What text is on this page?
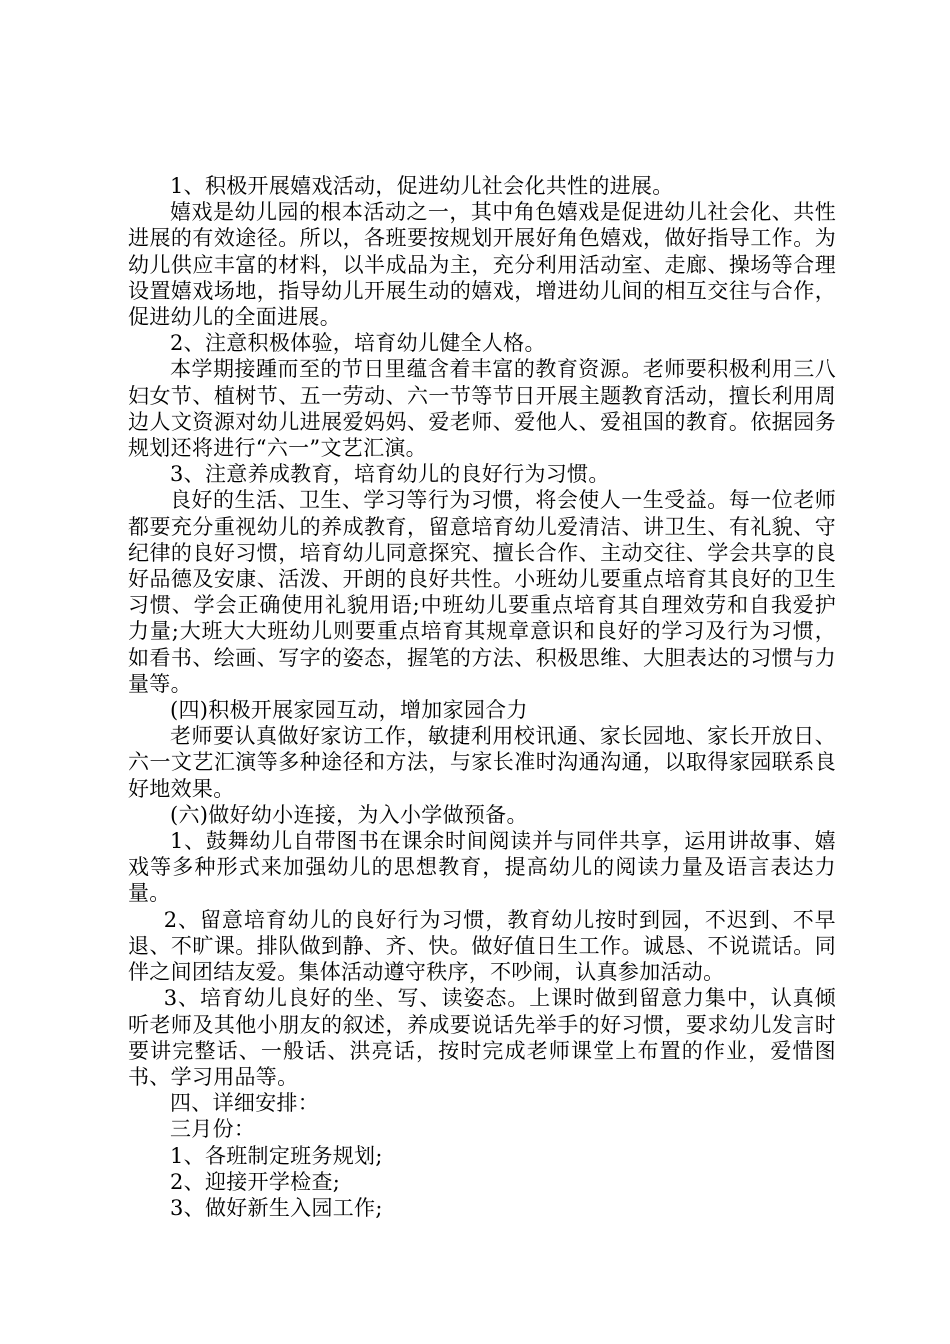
1、积极开展嬉戏活动，促进幼儿社会化共性的进展。

嬉戏是幼儿园的根本活动之一，其中角色嬉戏是促进幼儿社会化、共性进展的有效途径。所以，各班要按规划开展好角色嬉戏，做好指导工作。为幼儿供应丰富的材料，以半成品为主，充分利用活动室、走廊、操场等合理设置嬉戏场地，指导幼儿开展生动的嬉戏，增进幼儿间的相互交往与合作，促进幼儿的全面进展。

2、注意积极体验，培育幼儿健全人格。

本学期接踵而至的节日里蕴含着丰富的教育资源。老师要积极利用三八妇女节、植树节、五一劳动、六一节等节日开展主题教育活动，擅长利用周边人文资源对幼儿进展爱妈妈、爱老师、爱他人、爱祖国的教育。依据园务规划还将进行“六一”文艺汇演。

3、注意养成教育，培育幼儿的良好行为习惯。

良好的生活、卫生、学习等行为习惯，将会使人一生受益。每一位老师都要充分重视幼儿的养成教育，留意培育幼儿爱清洁、讲卫生、有礼貌、守纪律的良好习惯，培育幼儿同意探究、擅长合作、主动交往、学会共享的良好品德及安康、活泼、开朗的良好共性。小班幼儿要重点培育其良好的卫生习惯、学会正确使用礼貌用语;中班幼儿要重点培育其自理效劳和自我爱护力量;大班大大班幼儿则要重点培育其规章意识和良好的学习及行为习惯，如看书、绘画、写字的姿态，握笔的方法、积极思维、大胆表达的习惯与力量等。

(四)积极开展家园互动，增加家园合力

老师要认真做好家访工作，敏捷利用校讯通、家长园地、家长开放日、六一文艺汇演等多种途径和方法，与家长准时沟通沟通，以取得家园联系良好地效果。

(六)做好幼小连接，为入小学做预备。

1、鼓舞幼儿自带图书在课余时间阅读并与同伴共享，运用讲故事、嬉戏等多种形式来加强幼儿的思想教育，提高幼儿的阅读力量及语言表达力量。

2、留意培育幼儿的良好行为习惯，教育幼儿按时到园，不迟到、不早退、不旷课。排队做到静、齐、快。做好值日生工作。诚恳、不说谎话。同伴之间团结友爱。集体活动遵守秩序，不吵闹，认真参加活动。

3、培育幼儿良好的坐、写、读姿态。上课时做到留意力集中，认真倾听老师及其他小朋友的叙述，养成要说话先举手的好习惯，要求幼儿发言时要讲完整话、一般话、洪亮话，按时完成老师课堂上布置的作业，爱惜图书、学习用品等。

四、详细安排：

三月份：

1、各班制定班务规划;

2、迎接开学检查;

3、做好新生入园工作;
